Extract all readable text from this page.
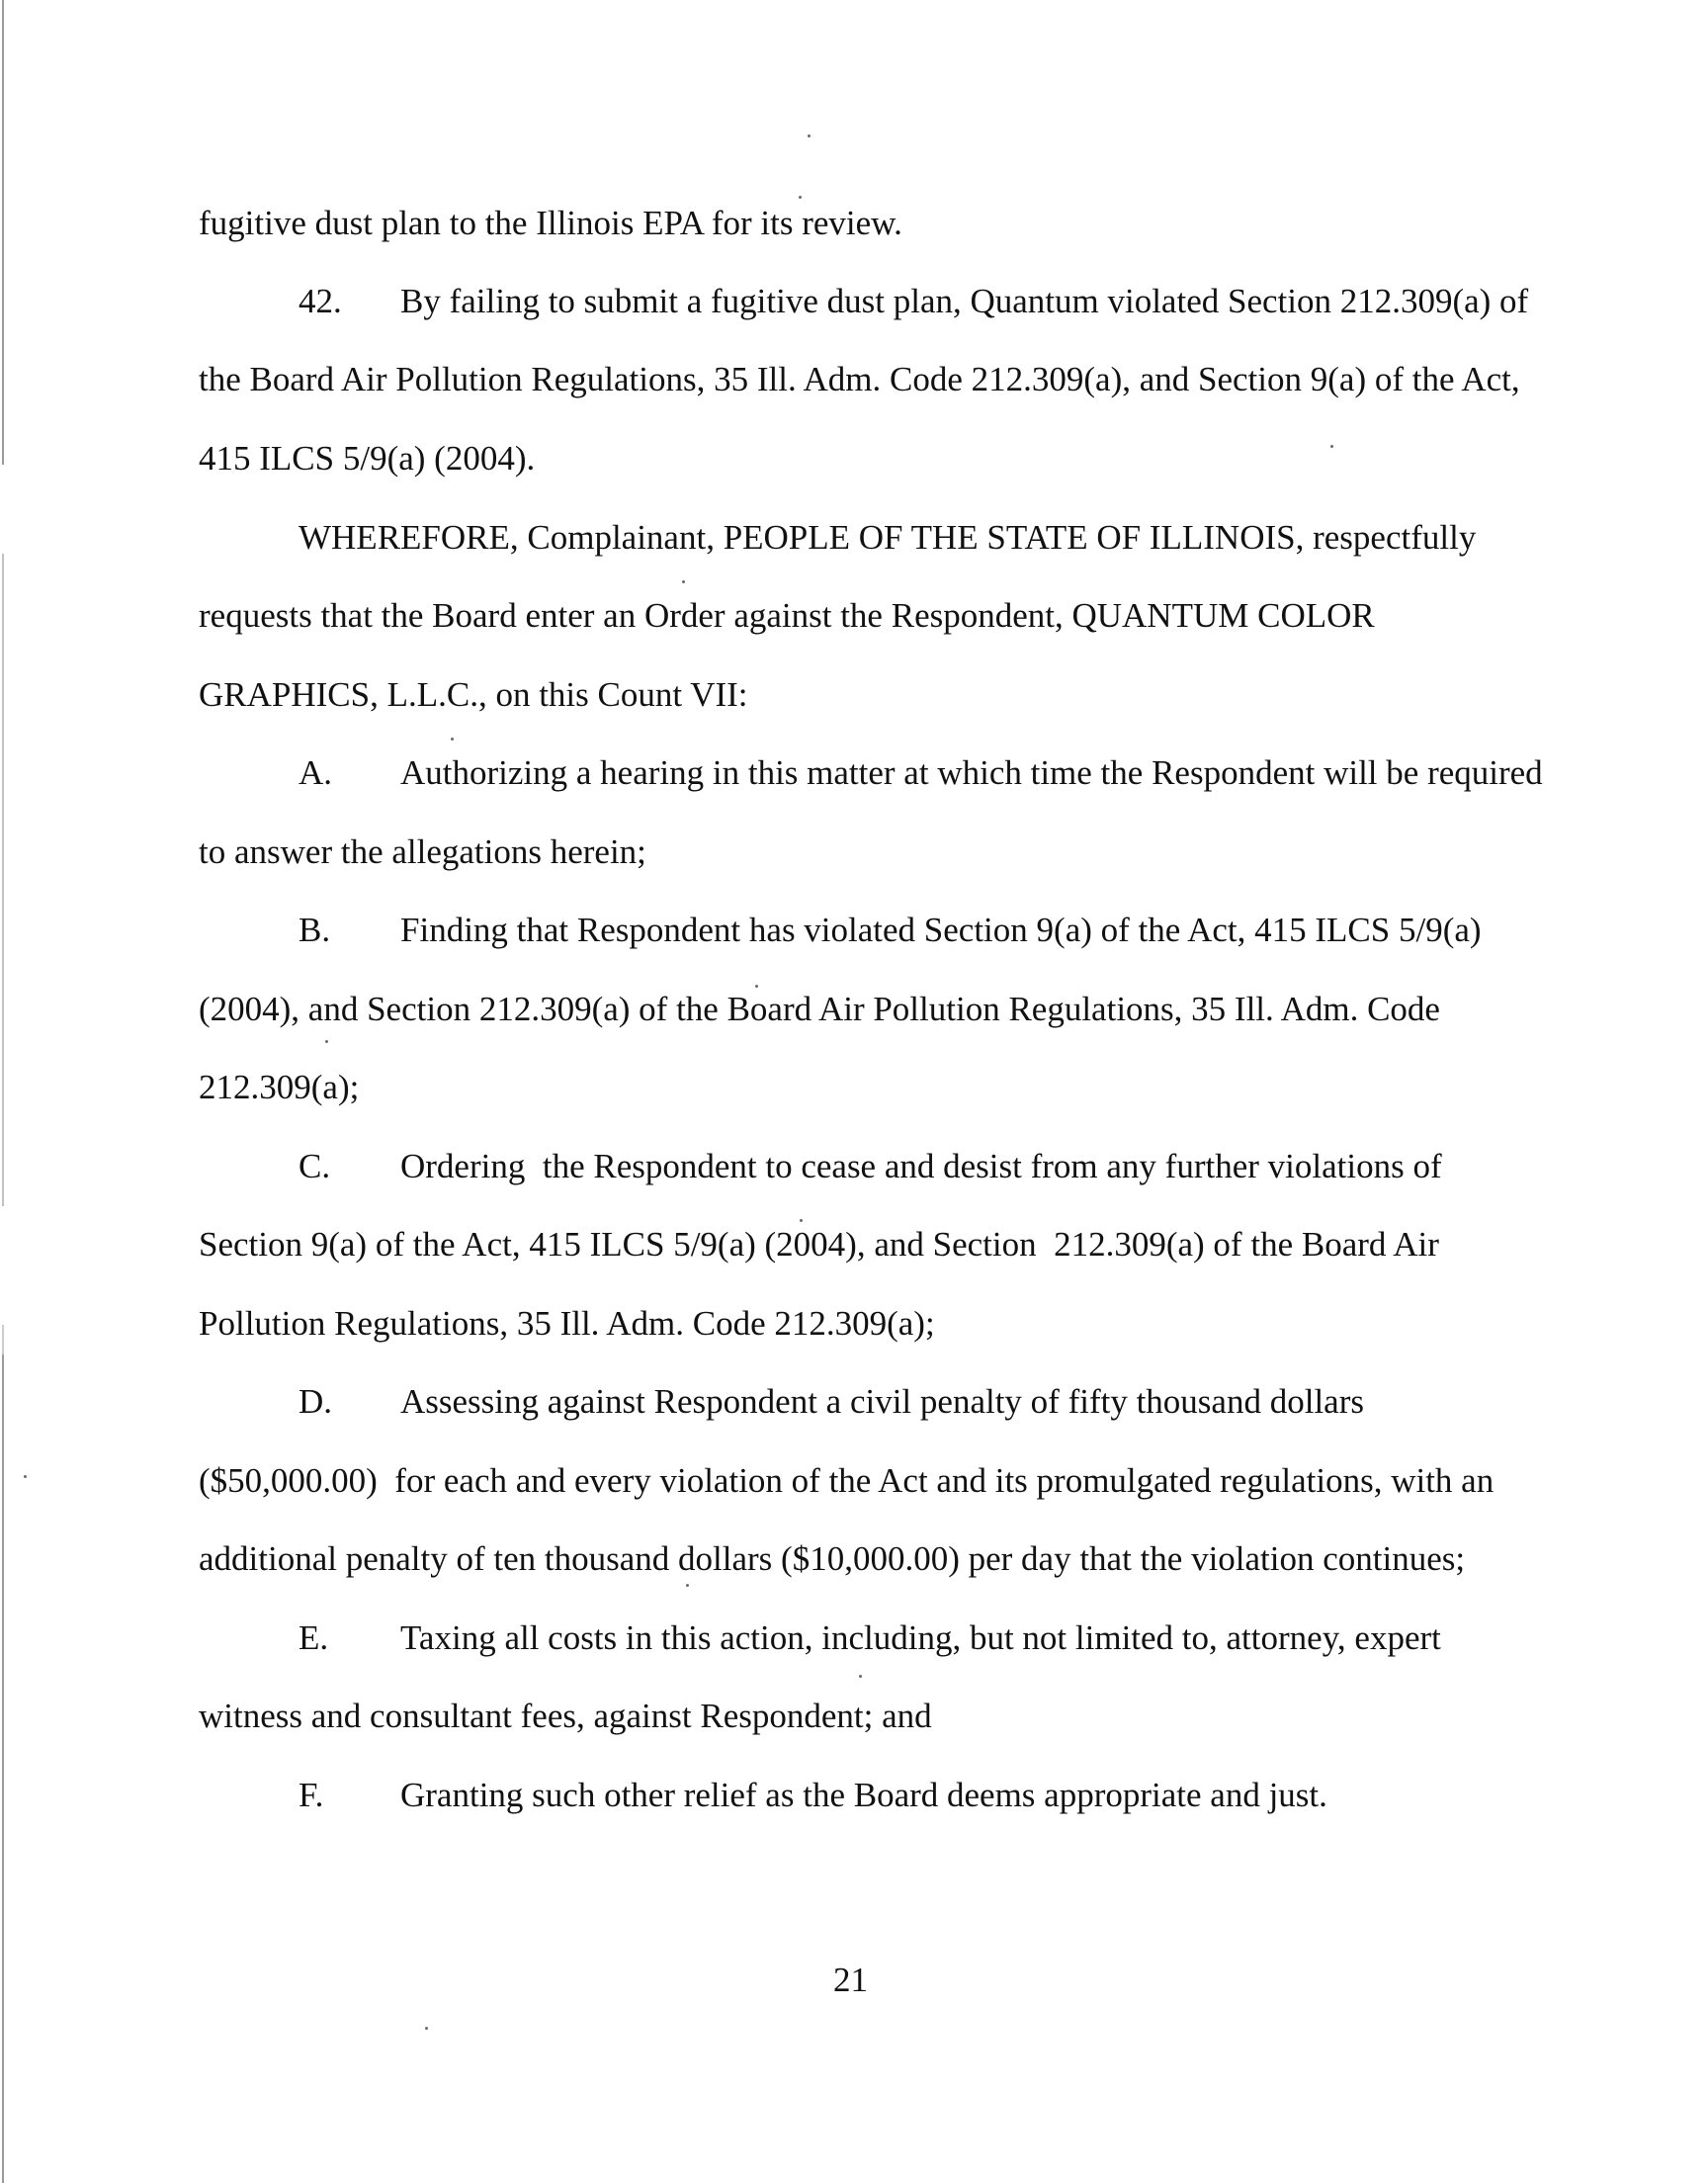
fugitive dust plan to the Illinois EPA for its review.
42. By failing to submit a fugitive dust plan, Quantum violated Section 212.309(a) of
the Board Air Pollution Regulations, 35 Ill. Adm. Code 212.309(a), and Section 9(a) of the Act,
415 ILCS 5/9(a) (2004).
WHEREFORE, Complainant, PEOPLE OF THE STATE OF ILLINOIS, respectfully
requests that the Board enter an Order against the Respondent, QUANTUM COLOR
GRAPHICS, L.L.C., on this Count VII:
A. Authorizing a hearing in this matter at which time the Respondent will be required
to answer the allegations herein;
B. Finding that Respondent has violated Section 9(a) of the Act, 415 ILCS 5/9(a)
(2004), and Section 212.309(a) of the Board Air Pollution Regulations, 35 Ill. Adm. Code
212.309(a);
C. Ordering  the Respondent to cease and desist from any further violations of
Section 9(a) of the Act, 415 ILCS 5/9(a) (2004), and Section  212.309(a) of the Board Air
Pollution Regulations, 35 Ill. Adm. Code 212.309(a);
D. Assessing against Respondent a civil penalty of fifty thousand dollars
($50,000.00)  for each and every violation of the Act and its promulgated regulations, with an
additional penalty of ten thousand dollars ($10,000.00) per day that the violation continues;
E. Taxing all costs in this action, including, but not limited to, attorney, expert
witness and consultant fees, against Respondent; and
F. Granting such other relief as the Board deems appropriate and just.
21
